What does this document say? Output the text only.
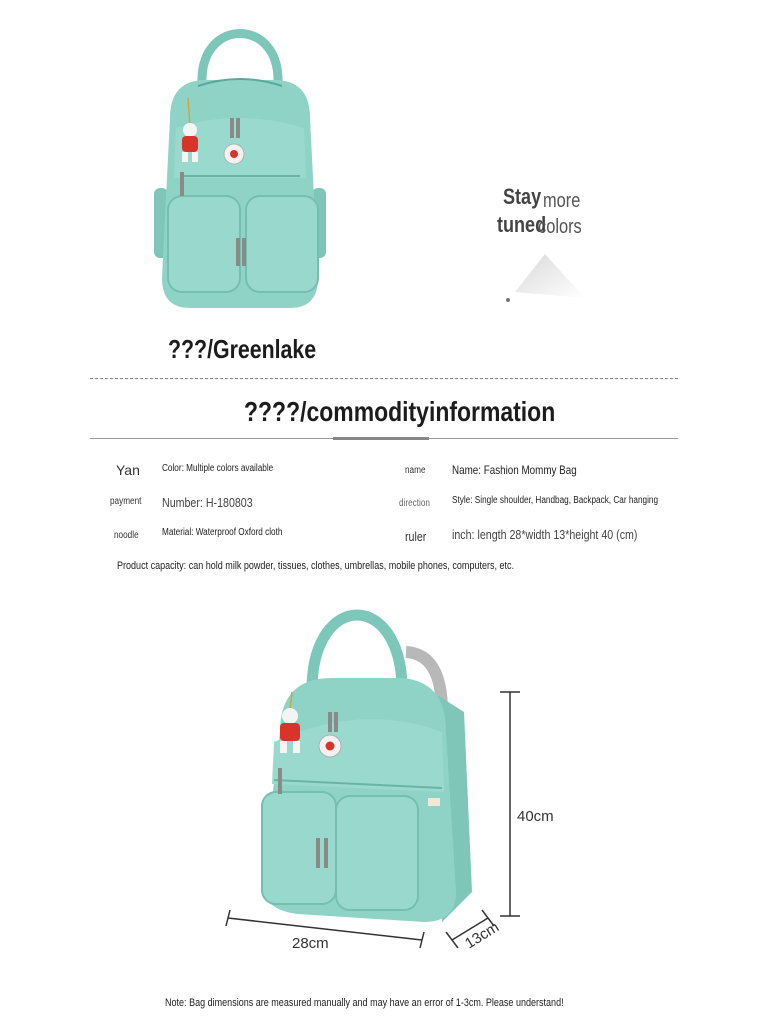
Stay more
tuned
colors
???/Greenlake
????/commodityinformation
Yan Color: Multiple colors available	name Name: Fashion Mommy Bag
payment Number: H-180803	direction Style: Single shoulder, Handbag, Backpack, Car hanging
noodle Material: Waterproof Oxford cloth	ruler inch: length 28*width 13*height 40 (cm)
Product capacity: can hold milk powder, tissues, clothes, umbrellas, mobile phones, computers, etc.
40cm
28cm	13cm
Note: Bag dimensions are measured manually and may have an error of 1-3cm. Please understand!
